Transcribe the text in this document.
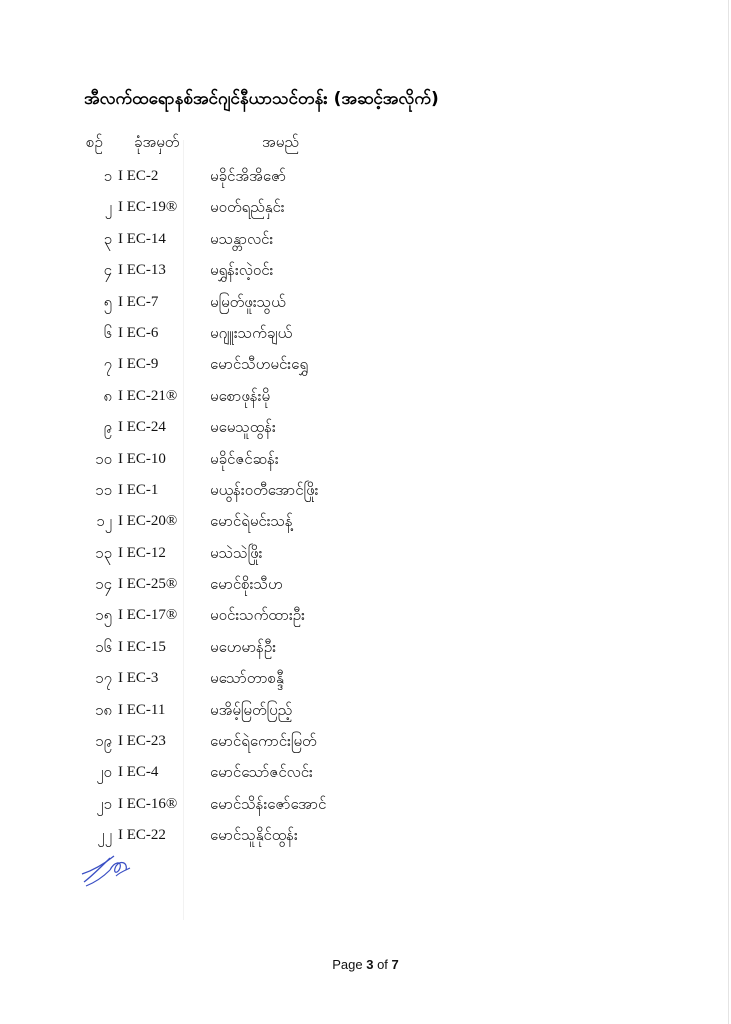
အီလက်ထရောနစ်အင်ဂျင်နီယာသင်တန်း (အဆင့်အလိုက်)
စဥ် ခုံအမှတ်	အမည်
၁ I EC-2	မခိုင်အိအိဇော်
၂ I EC-19® မဝတ်ရည်နှင်း
၃ I EC-14	မသန္တာလင်း
၄ I EC-13	မရွှန်းလဲ့ဝင်း
၅ I EC-7	မမြတ်ဖူးသွယ်
၆ I EC-6	မဂျူးသက်ချယ်
၇ I EC-9	မောင်သီဟမင်းရွှေ
၈ I EC-21® မစောဖုန်းမို
၉ I EC-24	မမေသူထွန်း
၁၀ I EC-10	မခိုင်ဇင်ဆန်း
၁၁ I EC-1	မယွန်းဝတီအောင်ဖြိုး
၁၂ I EC-20® မောင်ရဲမင်းသန့်
၁၃ I EC-12	မသဲသဲဖြိုး
၁၄ I EC-25® မောင်စိုးသီဟ
၁၅ I EC-17® မဝင်းသက်ထားဦး
၁၆ I EC-15	မဟေမာန်ဦး
၁၇ I EC-3	မသော်တာစန္ဒီ
၁၈ I EC-11	မအိမ့်မြတ်ပြည့်
၁၉ I EC-23	မောင်ရဲကောင်းမြတ်
၂၀ I EC-4	မောင်သော်ဇင်လင်း
၂၁ I EC-16® မောင်သိန်းဇော်အောင်
၂၂ I EC-22	မောင်သူနိုင်ထွန်း
Page 3 of 7
